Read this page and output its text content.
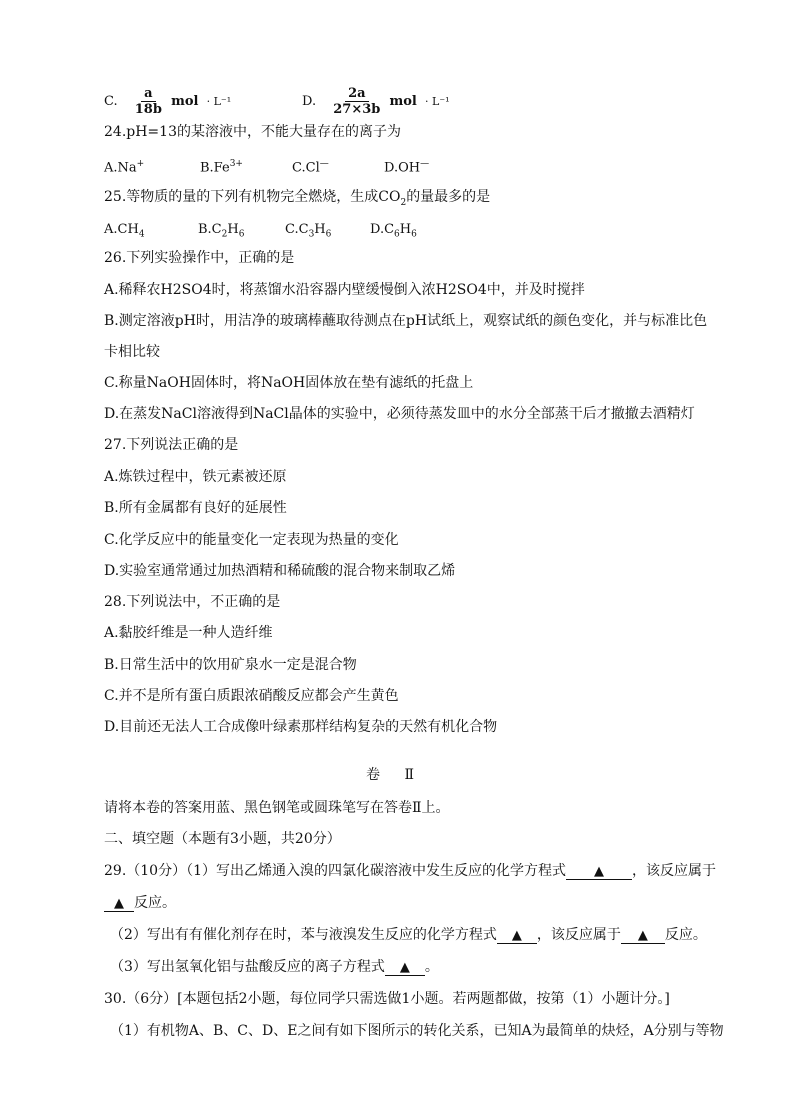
C. $\frac{a}{18b}$ mol · L⁻¹	D. $\frac{2a}{27\times 3b}$ mol · L⁻¹
24.pH=13的某溶液中，不能大量存在的离子为
A.Na+	$B.Fe^{3+}$	C.Cl—	D.OH—
25.等物质的量的下列有机物完全燃烧，生成$CO_2$的量最多的是
$A.CH_4$	$B.C_2H_6$	$C.C_3H_6$	$D.C_6H_6$
26.下列实验操作中，正确的是
A.稀释农H2SO4时，将蒸馏水沿容器内壁缓慢倒入浓H2SO4中，并及时搅拌
B.测定溶液pH时，用洁净的玻璃棒蘸取待测点在pH试纸上，观察试纸的颜色变化，并与标准比色
卡相比较
C.称量NaOH固体时，将NaOH固体放在垫有滤纸的托盘上
D.在蒸发NaCl溶液得到NaCl晶体的实验中，必须待蒸发皿中的水分全部蒸干后才撤撤去酒精灯
27.下列说法正确的是
A.炼铁过程中，铁元素被还原
B.所有金属都有良好的延展性
C.化学反应中的能量变化一定表现为热量的变化
D.实验室通常通过加热酒精和稀硫酸的混合物来制取乙烯
28.下列说法中，不正确的是
A.黏胶纤维是一种人造纤维
B.日常生活中的饮用矿泉水一定是混合物
C.并不是所有蛋白质跟浓硝酸反应都会产生黄色
D.目前还无法人工合成像叶绿素那样结构复杂的天然有机化合物
卷 Ⅱ
请将本卷的答案用蓝、黑色钢笔或圆珠笔写在答卷Ⅱ上。
二、填空题（本题有3小题，共20分）
29.（10分）（1）写出乙烯通入溴的四氯化碳溶液中发生反应的化学方程式 ▲ ，该反应属于
▲ 反应。
（2）写出有有催化剂存在时，苯与液溴发生反应的化学方程式 ▲ ，该反应属于 ▲ 反应。
（3）写出氢氧化铝与盐酸反应的离子方程式 ▲ 。
30.（6分）[本题包括2小题，每位同学只需选做1小题。若两题都做，按第（1）小题计分。]
（1）有机物A、B、C、D、E之间有如下图所示的转化关系，已知A为最简单的炔烃，A分别与等物
